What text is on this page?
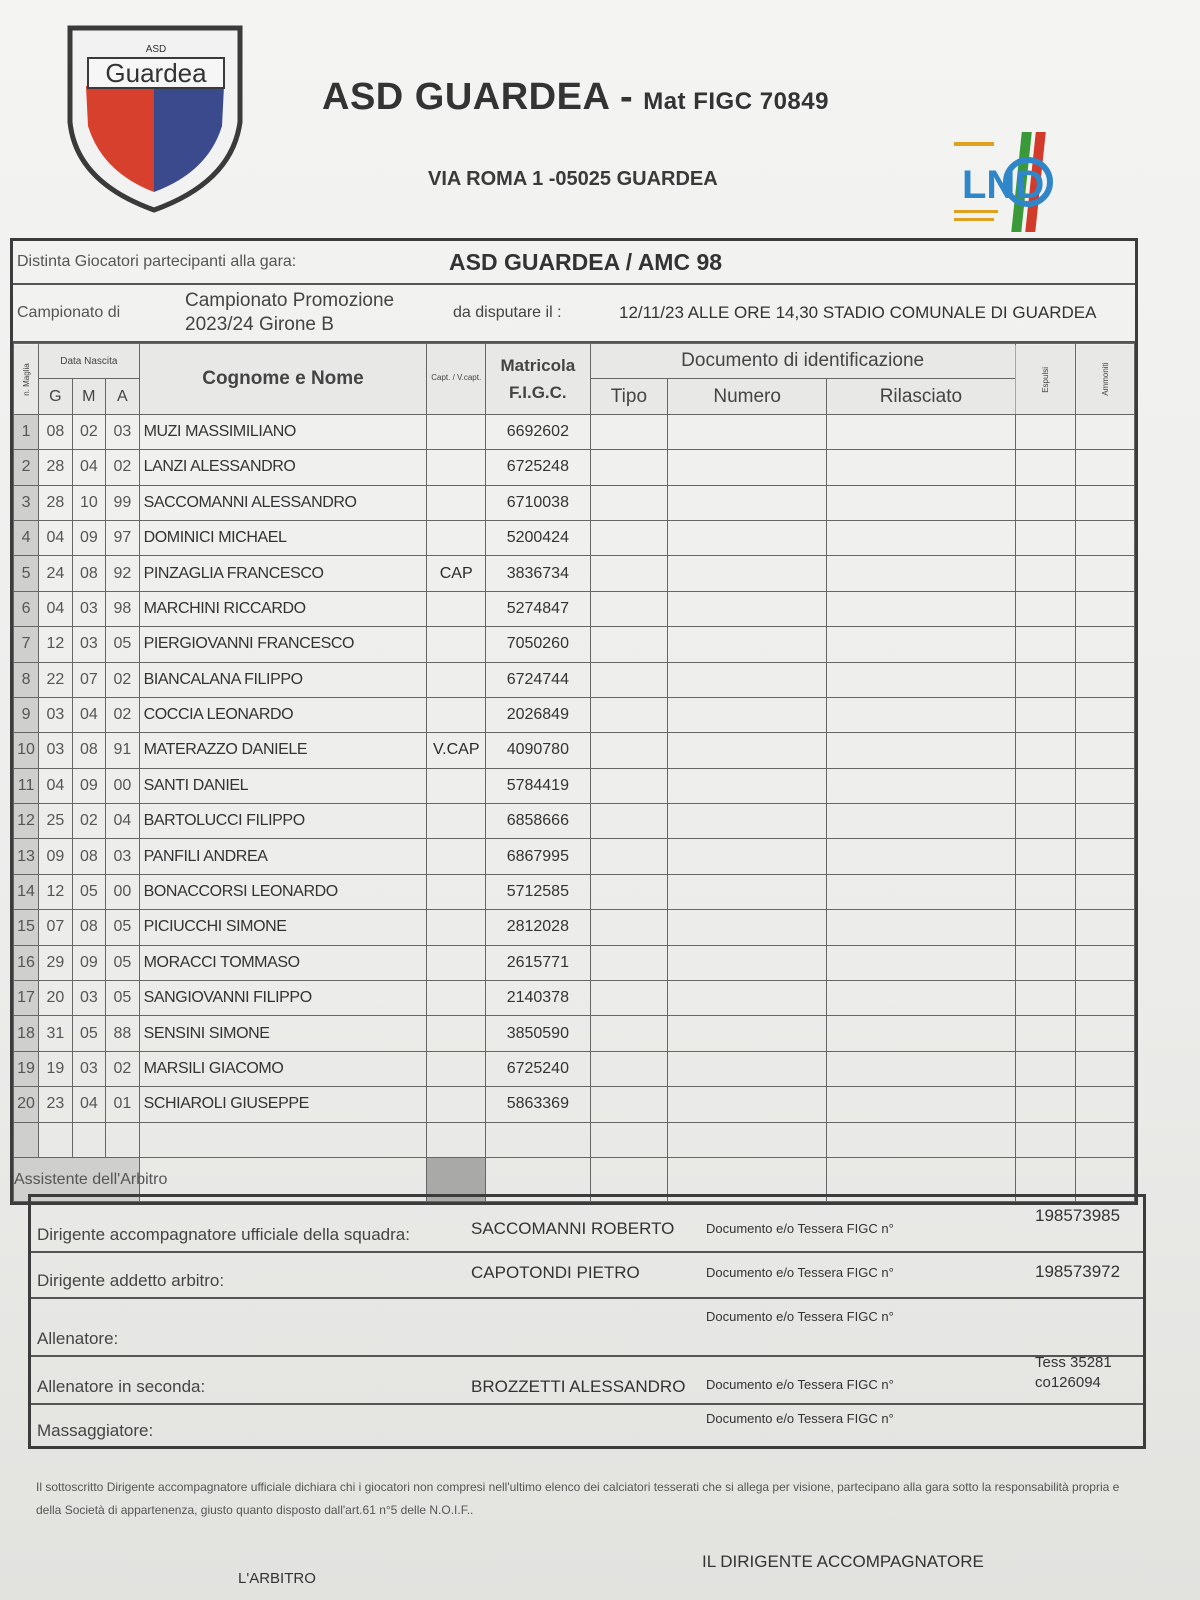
ASD
Guardea
ASD GUARDEA - Mat FIGC 70849
VIA ROMA 1 -05025 GUARDEA	LND
Distinta Giocatori partecipanti alla gara:	ASD GUARDEA / AMC 98
Campionato di
Campionato Promozione
2023/24 Girone B
da disputare il :	12/11/23 ALLE ORE 14,30 STADIO COMUNALE DI GUARDEA
n. Maglia	Data Nascita			Cognome e Nome	Capt. / V.capt.	Matricola
F.I.G.C.	Documento di identificazione			Espulsi	Ammoniti
	G	M	A				Tipo	Numero	Rilasciato		
1	08	02	03	MUZI MASSIMILIANO		6692602					
2	28	04	02	LANZI ALESSANDRO		6725248					
3	28	10	99	SACCOMANNI ALESSANDRO		6710038					
4	04	09	97	DOMINICI MICHAEL		5200424					
5	24	08	92	PINZAGLIA FRANCESCO	CAP	3836734					
6	04	03	98	MARCHINI RICCARDO		5274847					
7	12	03	05	PIERGIOVANNI FRANCESCO		7050260					
8	22	07	02	BIANCALANA FILIPPO		6724744					
9	03	04	02	COCCIA LEONARDO		2026849					
10	03	08	91	MATERAZZO DANIELE	V.CAP	4090780					
11	04	09	00	SANTI DANIEL		5784419					
12	25	02	04	BARTOLUCCI FILIPPO		6858666					
13	09	08	03	PANFILI ANDREA		6867995					
14	12	05	00	BONACCORSI LEONARDO		5712585					
15	07	08	05	PICIUCCHI SIMONE		2812028					
16	29	09	05	MORACCI TOMMASO		2615771					
17	20	03	05	SANGIOVANNI FILIPPO		2140378					
18	31	05	88	SENSINI SIMONE		3850590					
19	19	03	02	MARSILI GIACOMO		6725240					
20	23	04	01	SCHIAROLI GIUSEPPE		5863369					

Assistente dell'Arbitro											
Dirigente accompagnatore ufficiale della squadra:	SACCOMANNI ROBERTO Documento e/o Tessera FIGC n°
198573985
Dirigente addetto arbitro:	CAPOTONDI PIETRO	Documento e/o Tessera FIGC n°	198573972
Allenatore:
Documento e/o Tessera FIGC n°
Allenatore in seconda:	BROZZETTI ALESSANDRO Documento e/o Tessera FIGC n°
Tess 35281
co126094
Massaggiatore:
Documento e/o Tessera FIGC n°
Il sottoscritto Dirigente accompagnatore ufficiale dichiara chi i giocatori non compresi nell'ultimo elenco dei calciatori tesserati che si allega per visione, partecipano alla gara sotto la responsabilità propria e della Società di appartenenza, giusto quanto disposto dall'art.61 n°5 delle N.O.I.F..
L'ARBITRO
IL DIRIGENTE ACCOMPAGNATORE
